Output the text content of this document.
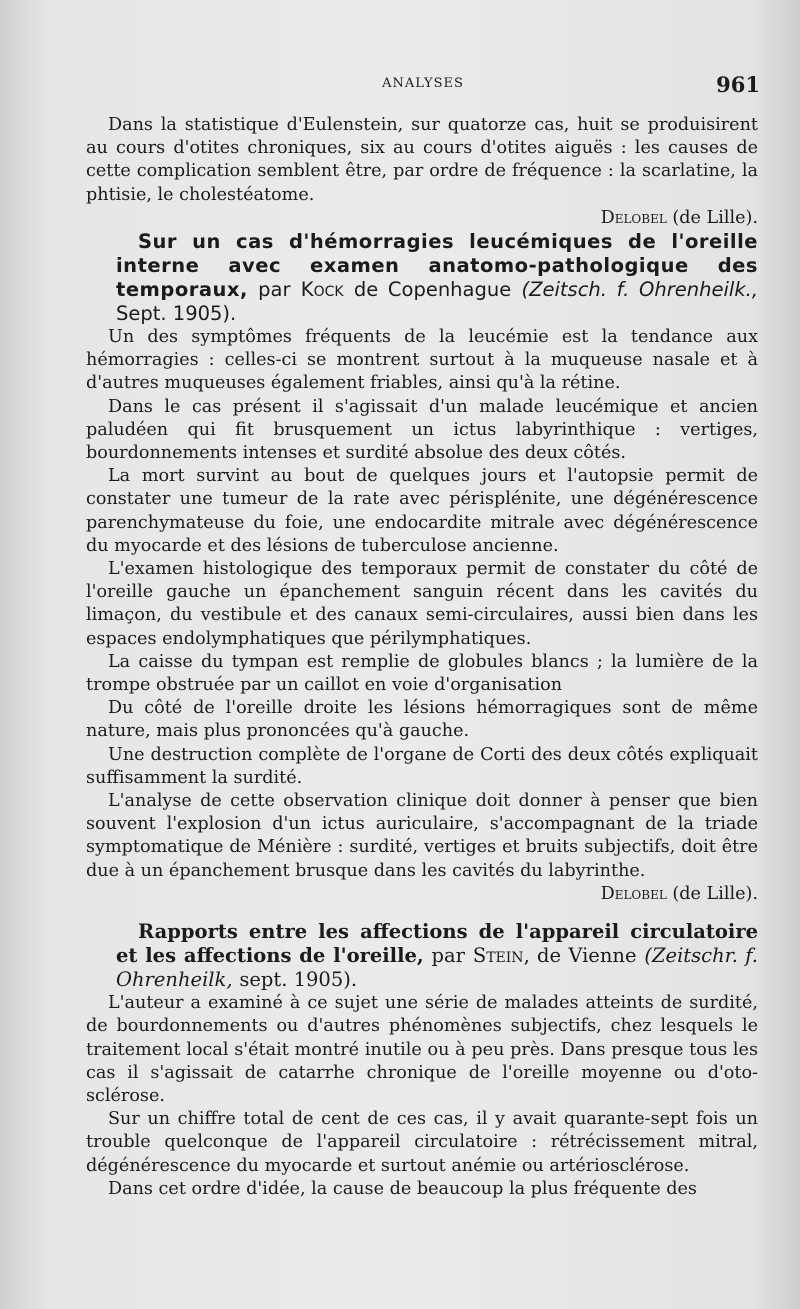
ANALYSES	961

Dans la statistique d'Eulenstein, sur quatorze cas, huit se produisirent au cours d'otites chroniques, six au cours d'otites aiguës : les causes de cette complication semblent être, par ordre de fréquence : la scarlatine, la phtisie, le cholestéatome.

Delobel (de Lille).

Sur un cas d'hémorragies leucémiques de l'oreille interne avec examen anatomo-pathologique des temporaux, par Kock de Copenhague (Zeitsch. f. Ohrenheilk., Sept. 1905).

Un des symptômes fréquents de la leucémie est la tendance aux hémorragies : celles-ci se montrent surtout à la muqueuse nasale et à d'autres muqueuses également friables, ainsi qu'à la rétine.

Dans le cas présent il s'agissait d'un malade leucémique et ancien paludéen qui fit brusquement un ictus labyrinthique : vertiges, bourdonnements intenses et surdité absolue des deux côtés.

La mort survint au bout de quelques jours et l'autopsie permit de constater une tumeur de la rate avec périsplénite, une dégénérescence parenchymateuse du foie, une endocardite mitrale avec dégénérescence du myocarde et des lésions de tuberculose ancienne.

L'examen histologique des temporaux permit de constater du côté de l'oreille gauche un épanchement sanguin récent dans les cavités du limaçon, du vestibule et des canaux semi-circulaires, aussi bien dans les espaces endolymphatiques que périlymphatiques.

La caisse du tympan est remplie de globules blancs ; la lumière de la trompe obstruée par un caillot en voie d'organisation

Du côté de l'oreille droite les lésions hémorragiques sont de même nature, mais plus prononcées qu'à gauche.

Une destruction complète de l'organe de Corti des deux côtés expliquait suffisamment la surdité.

L'analyse de cette observation clinique doit donner à penser que bien souvent l'explosion d'un ictus auriculaire, s'accompagnant de la triade symptomatique de Ménière : surdité, vertiges et bruits subjectifs, doit être due à un épanchement brusque dans les cavités du labyrinthe.

Delobel (de Lille).

Rapports entre les affections de l'appareil circulatoire et les affections de l'oreille, par Stein, de Vienne (Zeitschr. f. Ohrenheilk, sept. 1905).

L'auteur a examiné à ce sujet une série de malades atteints de surdité, de bourdonnements ou d'autres phénomènes subjectifs, chez lesquels le traitement local s'était montré inutile ou à peu près. Dans presque tous les cas il s'agissait de catarrhe chronique de l'oreille moyenne ou d'oto-sclérose.

Sur un chiffre total de cent de ces cas, il y avait quarante-sept fois un trouble quelconque de l'appareil circulatoire : rétrécissement mitral, dégénérescence du myocarde et surtout anémie ou artériosclérose.

Dans cet ordre d'idée, la cause de beaucoup la plus fréquente des
